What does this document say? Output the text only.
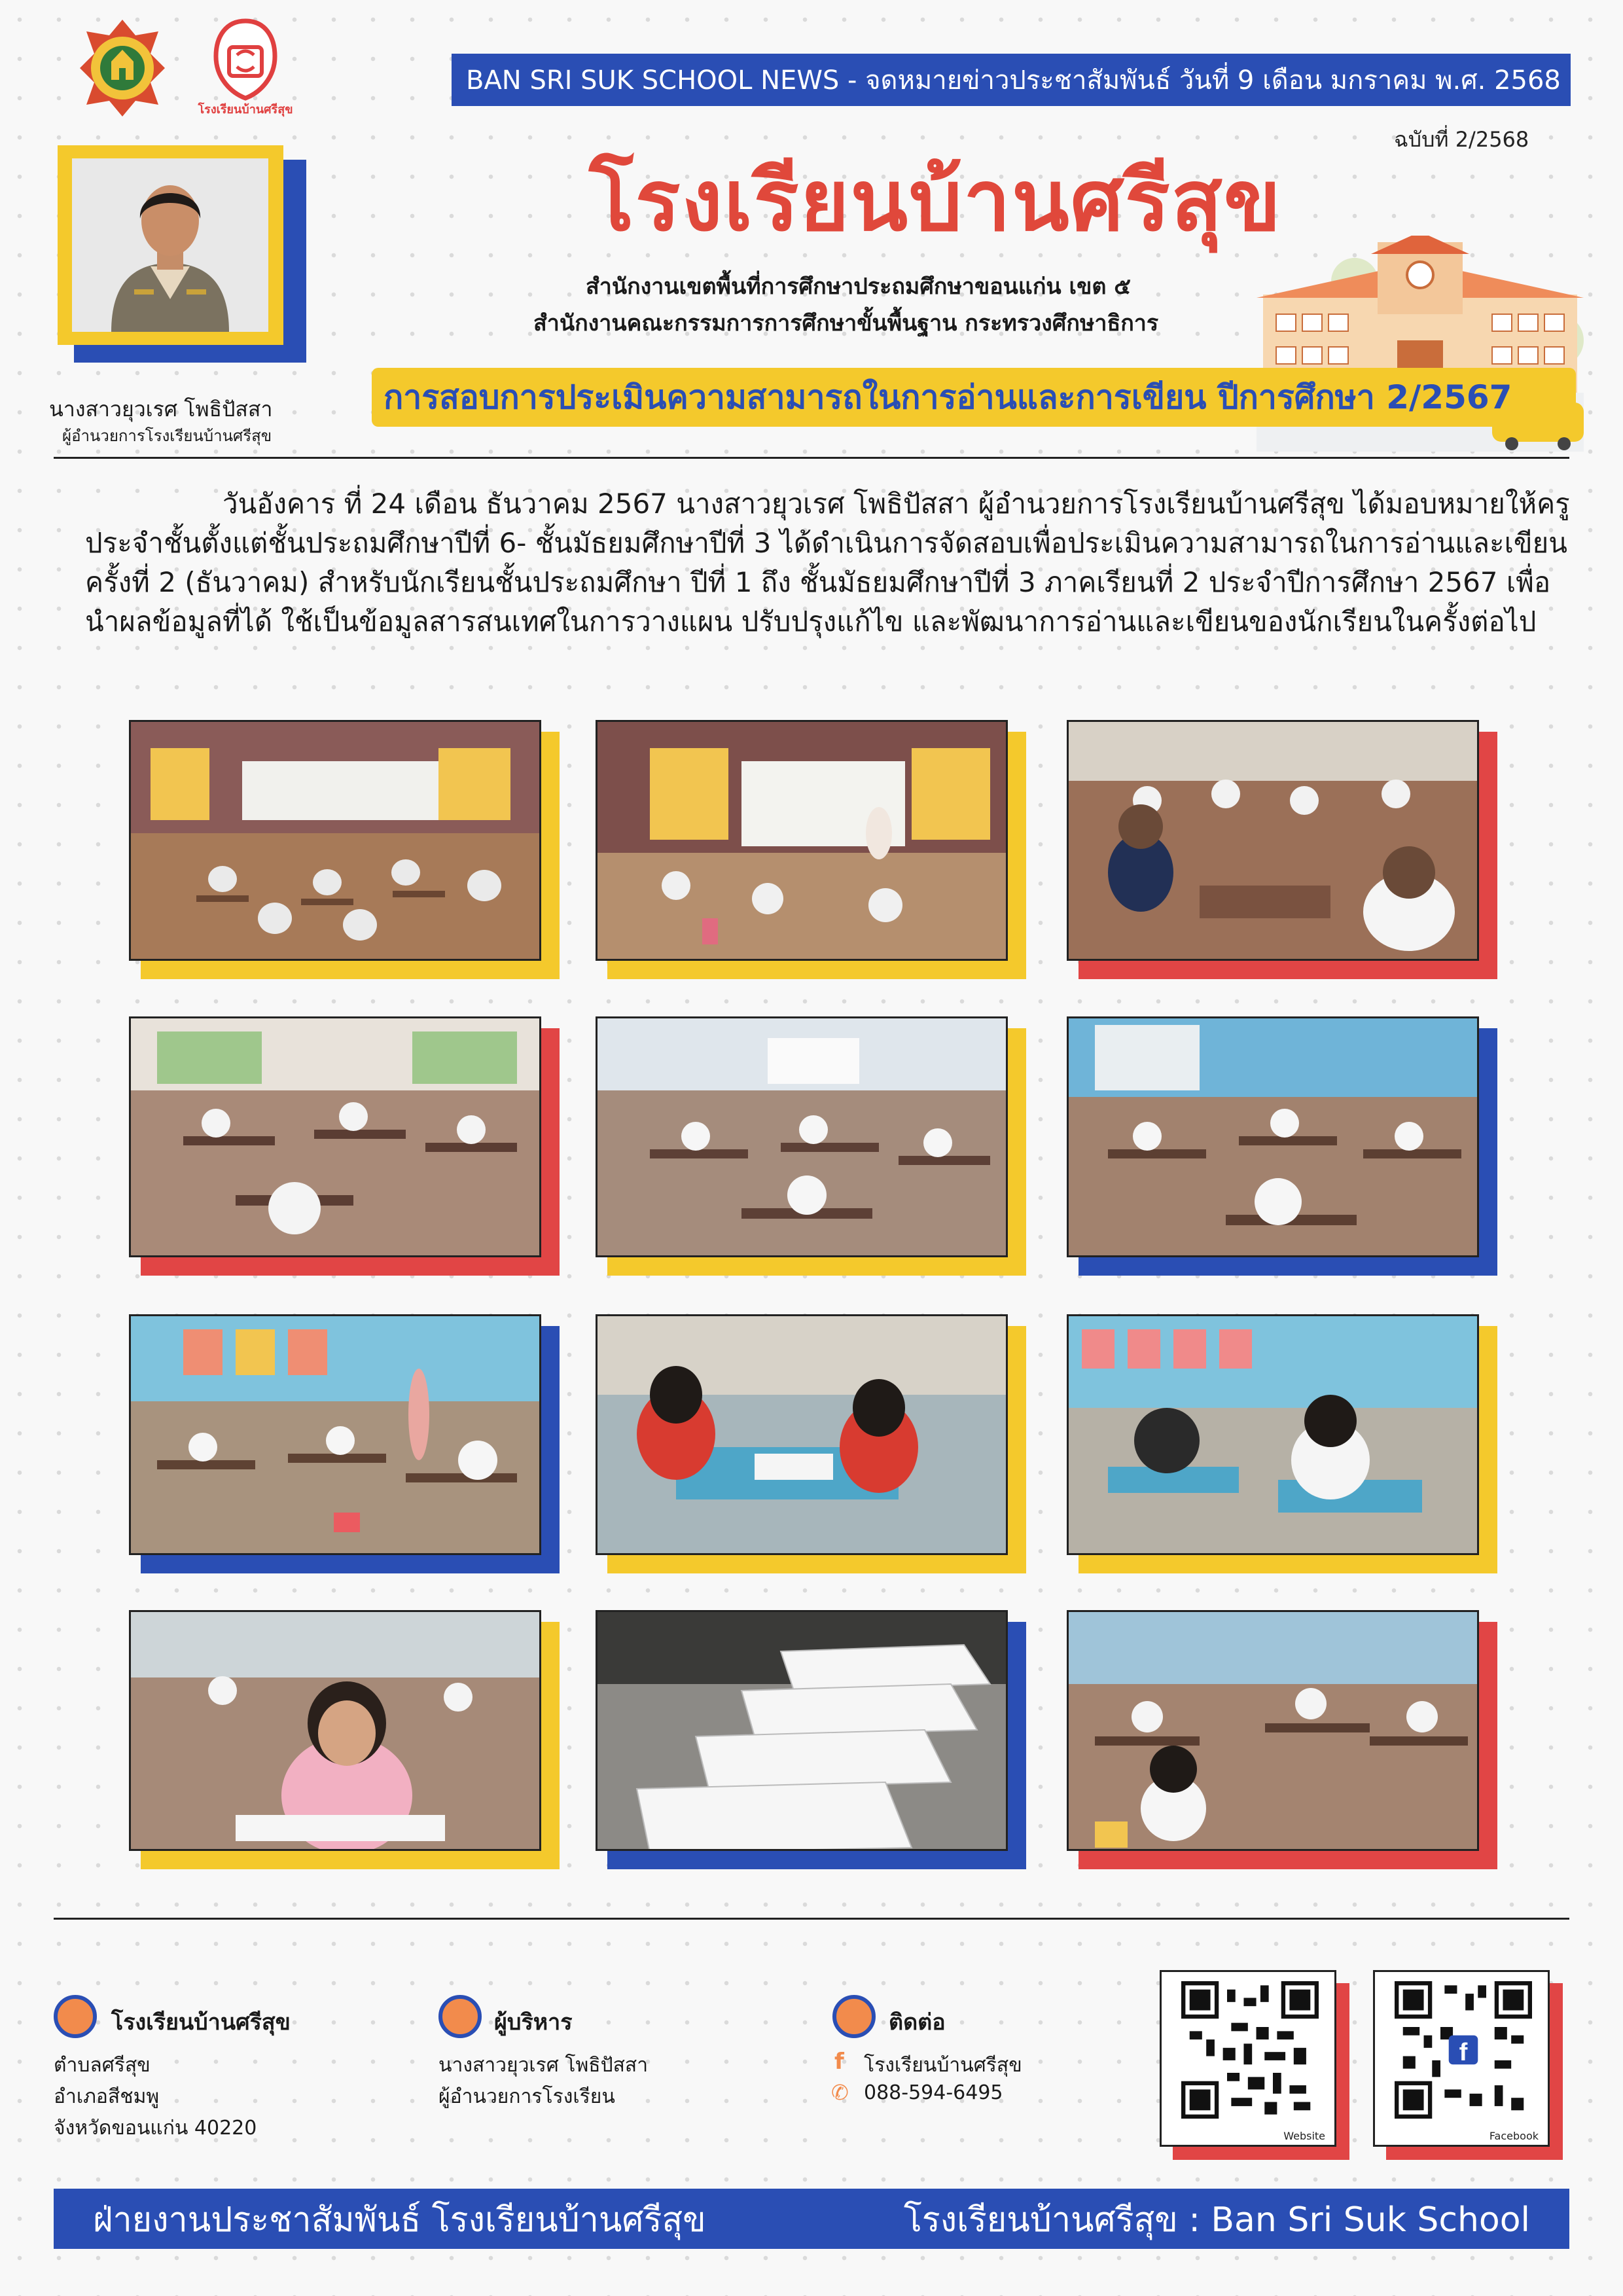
โรงเรียนบ้านศรีสุข
BAN SRI SUK SCHOOL NEWS - จดหมายข่าวประชาสัมพันธ์ วันที่ 9 เดือน มกราคม พ.ศ. 2568
ฉบับที่ 2/2568
โรงเรียนบ้านศรีสุข
สำนักงานเขตพื้นที่การศึกษาประถมศึกษาขอนแก่น เขต ๕
สำนักงานคณะกรรมการการศึกษาขั้นพื้นฐาน กระทรวงศึกษาธิการ
การสอบการประเมินความสามารถในการอ่านและการเขียน ปีการศึกษา 2/2567
นางสาวยุวเรศ โพธิปัสสา
ผู้อำนวยการโรงเรียนบ้านศรีสุข
วันอังคาร ที่ 24 เดือน ธันวาคม 2567 นางสาวยุวเรศ โพธิปัสสา ผู้อำนวยการโรงเรียนบ้านศรีสุข ได้มอบหมายให้ครูประจำชั้นตั้งแต่ชั้นประถมศึกษาปีที่ 6- ชั้นมัธยมศึกษาปีที่ 3 ได้ดำเนินการจัดสอบเพื่อประเมินความสามารถในการอ่านและเขียน ครั้งที่ 2 (ธันวาคม) สำหรับนักเรียนชั้นประถมศึกษา ปีที่ 1 ถึง ชั้นมัธยมศึกษาปีที่ 3 ภาคเรียนที่ 2 ประจำปีการศึกษา 2567 เพื่อนำผลข้อมูลที่ได้ ใช้เป็นข้อมูลสารสนเทศในการวางแผน ปรับปรุงแก้ไข และพัฒนาการอ่านและเขียนของนักเรียนในครั้งต่อไป
โรงเรียนบ้านศรีสุข
ตำบลศรีสุข
อำเภอสีชมพู
จังหวัดขอนแก่น 40220
ผู้บริหาร
นางสาวยุวเรศ โพธิปัสสา
ผู้อำนวยการโรงเรียน
ติดต่อ
f โรงเรียนบ้านศรีสุข
✆ 088-594-6495
Website
f
Facebook
ฝ่ายงานประชาสัมพันธ์ โรงเรียนบ้านศรีสุข	โรงเรียนบ้านศรีสุข : Ban Sri Suk School
